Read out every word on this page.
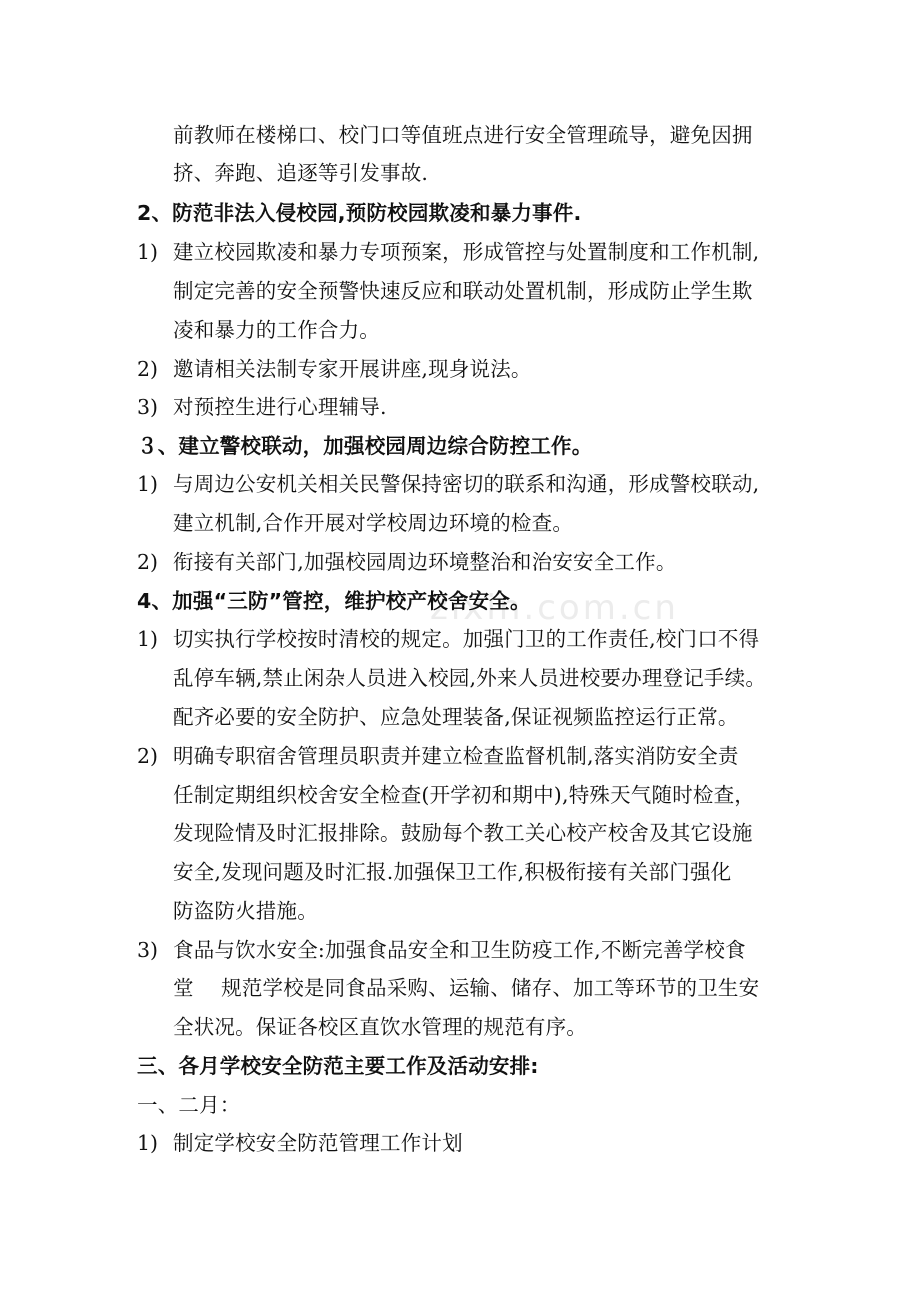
zixin.com.cn
前教师在楼梯口、校门口等值班点进行安全管理疏导，避免因拥
挤、奔跑、追逐等引发事故.
2、防范非法入侵校园,预防校园欺凌和暴力事件.
1) 建立校园欺凌和暴力专项预案，形成管控与处置制度和工作机制,
制定完善的安全预警快速反应和联动处置机制，形成防止学生欺
凌和暴力的工作合力。
2) 邀请相关法制专家开展讲座,现身说法。
3) 对预控生进行心理辅导.
３、建立警校联动，加强校园周边综合防控工作。
1) 与周边公安机关相关民警保持密切的联系和沟通，形成警校联动,
建立机制,合作开展对学校周边环境的检查。
2) 衔接有关部门,加强校园周边环境整治和治安安全工作。
4、加强“三防”管控，维护校产校舍安全。
1) 切实执行学校按时清校的规定。加强门卫的工作责任,校门口不得
乱停车辆,禁止闲杂人员进入校园,外来人员进校要办理登记手续。
配齐必要的安全防护、应急处理装备,保证视频监控运行正常。
2) 明确专职宿舍管理员职责并建立检查监督机制,落实消防安全责
任制定期组织校舍安全检查(开学初和期中),特殊天气随时检查，
发现险情及时汇报排除。鼓励每个教工关心校产校舍及其它设施
安全,发现问题及时汇报.加强保卫工作,积极衔接有关部门强化
防盗防火措施。
3) 食品与饮水安全:加强食品安全和卫生防疫工作,不断完善学校食
堂　 规范学校是同食品采购、运输、储存、加工等环节的卫生安
全状况。保证各校区直饮水管理的规范有序。
三、各月学校安全防范主要工作及活动安排:
一、二月：
1) 制定学校安全防范管理工作计划
